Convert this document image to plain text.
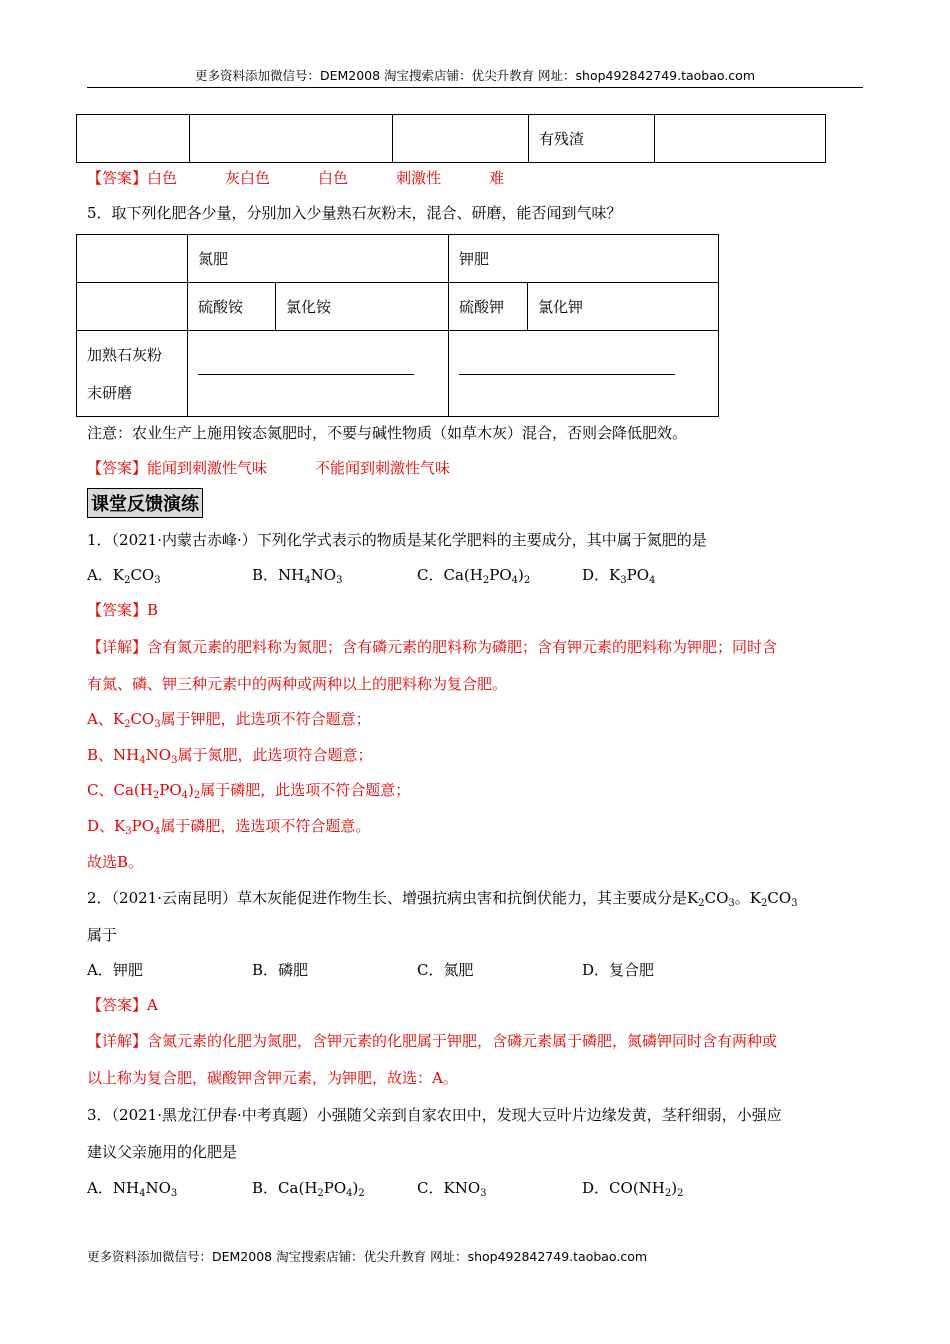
更多资料添加微信号：DEM2008 淘宝搜索店铺：优尖升教育 网址：shop492842749.taobao.com
			有残渣	
【答案】白色	灰白色	白色	刺激性	难
5．取下列化肥各少量，分别加入少量熟石灰粉末，混合、研磨，能否闻到气味？
	氮肥		钾肥	
	硫酸铵	氯化铵	硫酸钾	氯化钾

加熟石灰粉
末研磨				

注意：农业生产上施用铵态氮肥时，不要与碱性物质（如草木灰）混合，否则会降低肥效。
【答案】能闻到刺激性气味	不能闻到刺激性气味
课堂反馈演练
1．（2021·内蒙古赤峰·）下列化学式表示的物质是某化学肥料的主要成分，其中属于氮肥的是
A．$K_2CO_3$	B．$NH_4NO_3$	C．$Ca(H_2PO_4)_2$	D．$K_3PO_4$
【答案】B
【详解】含有氮元素的肥料称为氮肥；含有磷元素的肥料称为磷肥；含有钾元素的肥料称为钾肥；同时含
有氮、磷、钾三种元素中的两种或两种以上的肥料称为复合肥。
A、$K_2CO_3$属于钾肥，此选项不符合题意；
B、$NH_4NO_3$属于氮肥，此选项符合题意；
C、$Ca(H_2PO_4)_2$属于磷肥，此选项不符合题意；
D、$K_3PO_4$属于磷肥，选选项不符合题意。
故选B。
2．（2021·云南昆明）草木灰能促进作物生长、增强抗病虫害和抗倒伏能力，其主要成分是$K_2CO_3$。$K_2CO_3$
属于
A．钾肥	B．磷肥	C．氮肥	D．复合肥
【答案】A
【详解】含氮元素的化肥为氮肥，含钾元素的化肥属于钾肥，含磷元素属于磷肥，氮磷钾同时含有两种或
以上称为复合肥，碳酸钾含钾元素，为钾肥，故选：A。
3．（2021·黑龙江伊春·中考真题）小强随父亲到自家农田中，发现大豆叶片边缘发黄，茎秆细弱，小强应
建议父亲施用的化肥是
A．$NH_4NO_3$	B．$Ca(H_2PO_4)_2$	C．$KNO_3$	D．$CO(NH_2)_2$
更多资料添加微信号：DEM2008 淘宝搜索店铺：优尖升教育 网址：shop492842749.taobao.com
